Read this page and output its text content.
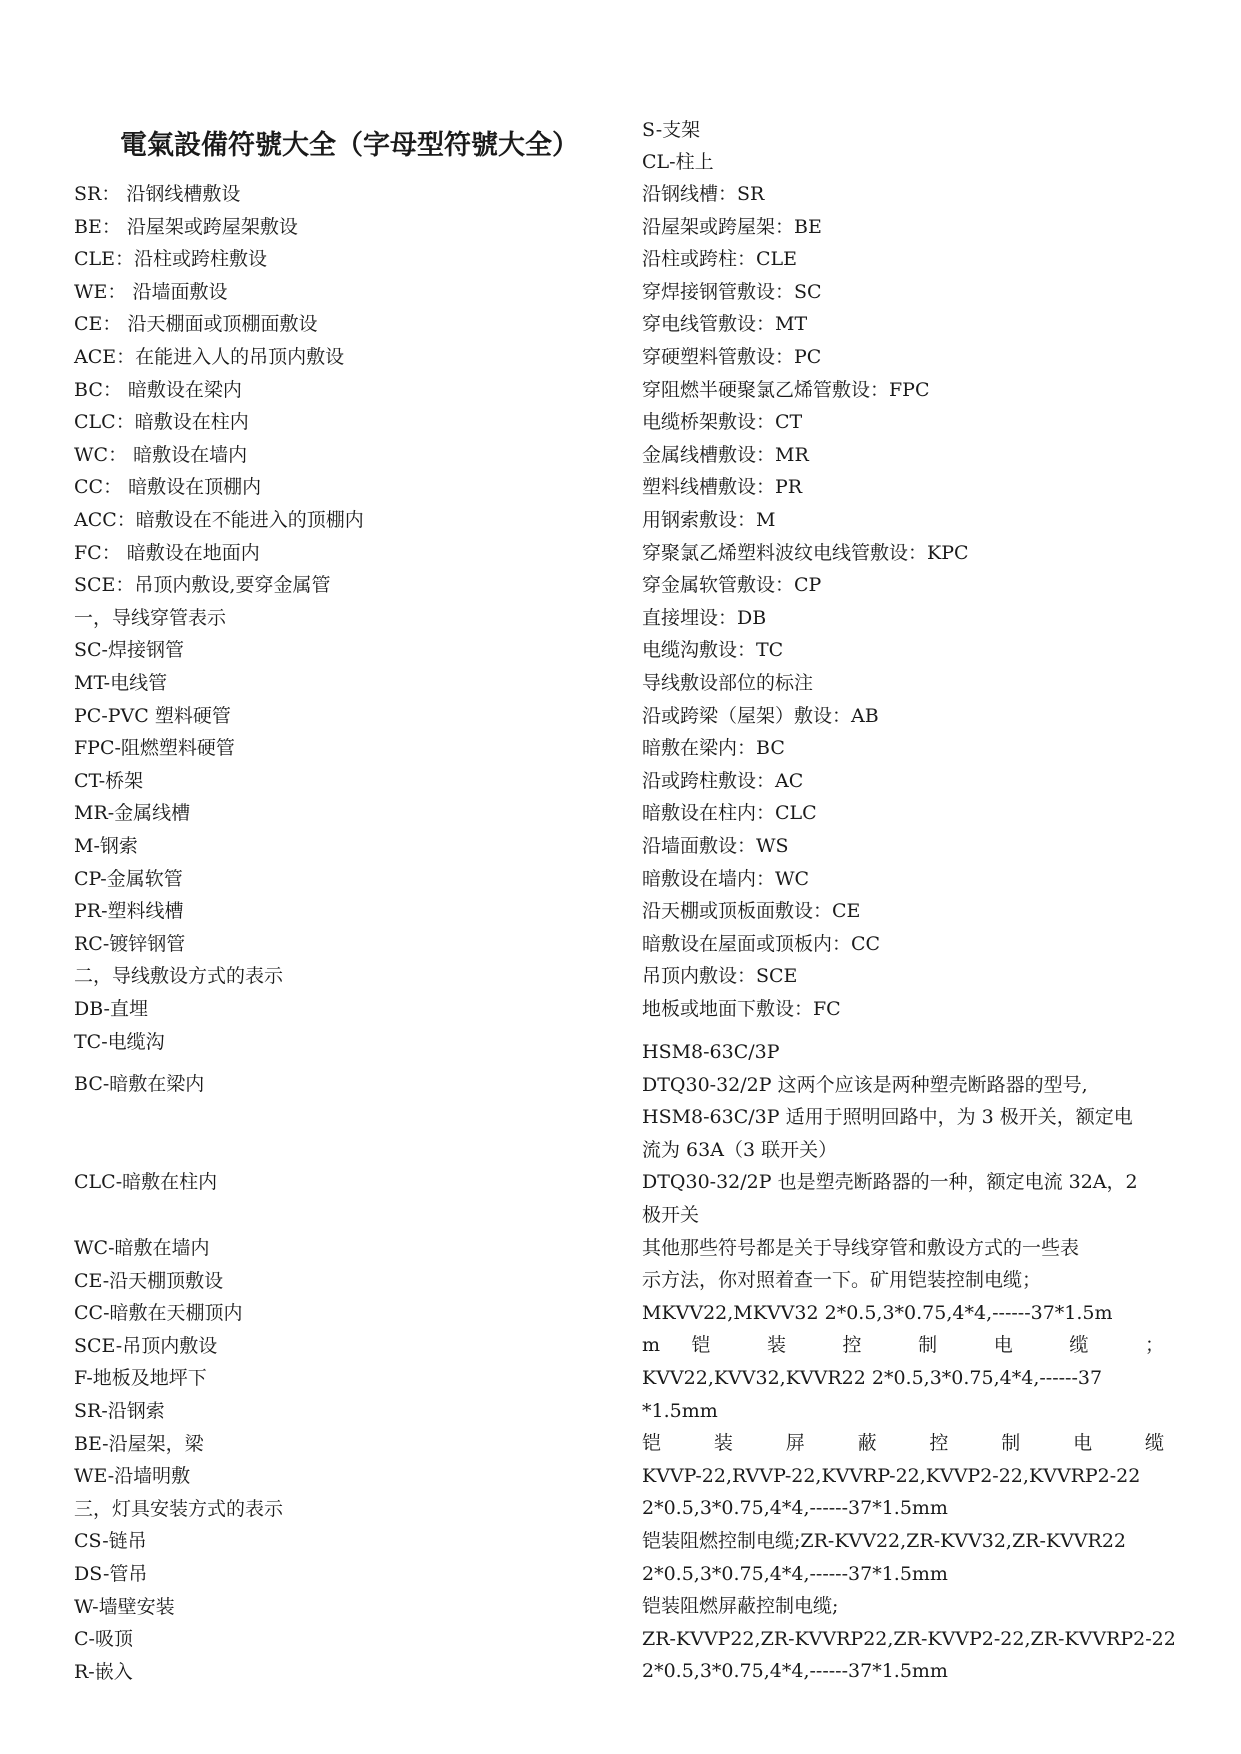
電氣設備符號大全（字母型符號大全）
SR： 沿钢线槽敷设
BE： 沿屋架或跨屋架敷设
CLE：沿柱或跨柱敷设
WE： 沿墙面敷设
CE： 沿天棚面或顶棚面敷设
ACE：在能进入人的吊顶内敷设
BC： 暗敷设在梁内
CLC：暗敷设在柱内
WC： 暗敷设在墙内
CC： 暗敷设在顶棚内
ACC：暗敷设在不能进入的顶棚内
FC： 暗敷设在地面内
SCE：吊顶内敷设,要穿金属管
一，导线穿管表示
SC-焊接钢管
MT-电线管
PC-PVC 塑料硬管
FPC-阻燃塑料硬管
CT-桥架
MR-金属线槽
M-钢索
CP-金属软管
PR-塑料线槽
RC-镀锌钢管
二，导线敷设方式的表示
DB-直埋
TC-电缆沟
BC-暗敷在梁内
CLC-暗敷在柱内
WC-暗敷在墙内
CE-沿天棚顶敷设
CC-暗敷在天棚顶内
SCE-吊顶内敷设
F-地板及地坪下
SR-沿钢索
BE-沿屋架，梁
WE-沿墙明敷
三，灯具安装方式的表示
CS-链吊
DS-管吊
W-墙壁安装
C-吸顶
R-嵌入
S-支架
CL-柱上
沿钢线槽：SR
沿屋架或跨屋架：BE
沿柱或跨柱：CLE
穿焊接钢管敷设：SC
穿电线管敷设：MT
穿硬塑料管敷设：PC
穿阻燃半硬聚氯乙烯管敷设：FPC
电缆桥架敷设：CT
金属线槽敷设：MR
塑料线槽敷设：PR
用钢索敷设：M
穿聚氯乙烯塑料波纹电线管敷设：KPC
穿金属软管敷设：CP
直接埋设：DB
电缆沟敷设：TC
导线敷设部位的标注
沿或跨梁（屋架）敷设：AB
暗敷在梁内：BC
沿或跨柱敷设：AC
暗敷设在柱内：CLC
沿墙面敷设：WS
暗敷设在墙内：WC
沿天棚或顶板面敷设：CE
暗敷设在屋面或顶板内：CC
吊顶内敷设：SCE
地板或地面下敷设：FC
HSM8-63C/3P
DTQ30-32/2P 这两个应该是两种塑壳断路器的型号,
HSM8-63C/3P 适用于照明回路中，为 3 极开关，额定电
流为 63A（3 联开关）
DTQ30-32/2P 也是塑壳断路器的一种，额定电流 32A，2
极开关
其他那些符号都是关于导线穿管和敷设方式的一些表
示方法，你对照着查一下。矿用铠装控制电缆；
MKVV22,MKVV32 2*0.5,3*0.75,4*4,------37*1.5m
m 铠 装 控 制 电 缆 ；
KVV22,KVV32,KVVR22 2*0.5,3*0.75,4*4,------37
*1.5mm
铠 装 屏 蔽 控 制 电 缆
KVVP-22,RVVP-22,KVVRP-22,KVVP2-22,KVVRP2-22
2*0.5,3*0.75,4*4,------37*1.5mm
铠装阻燃控制电缆;ZR-KVV22,ZR-KVV32,ZR-KVVR22
2*0.5,3*0.75,4*4,------37*1.5mm
铠装阻燃屏蔽控制电缆;
ZR-KVVP22,ZR-KVVRP22,ZR-KVVP2-22,ZR-KVVRP2-22
2*0.5,3*0.75,4*4,------37*1.5mm
